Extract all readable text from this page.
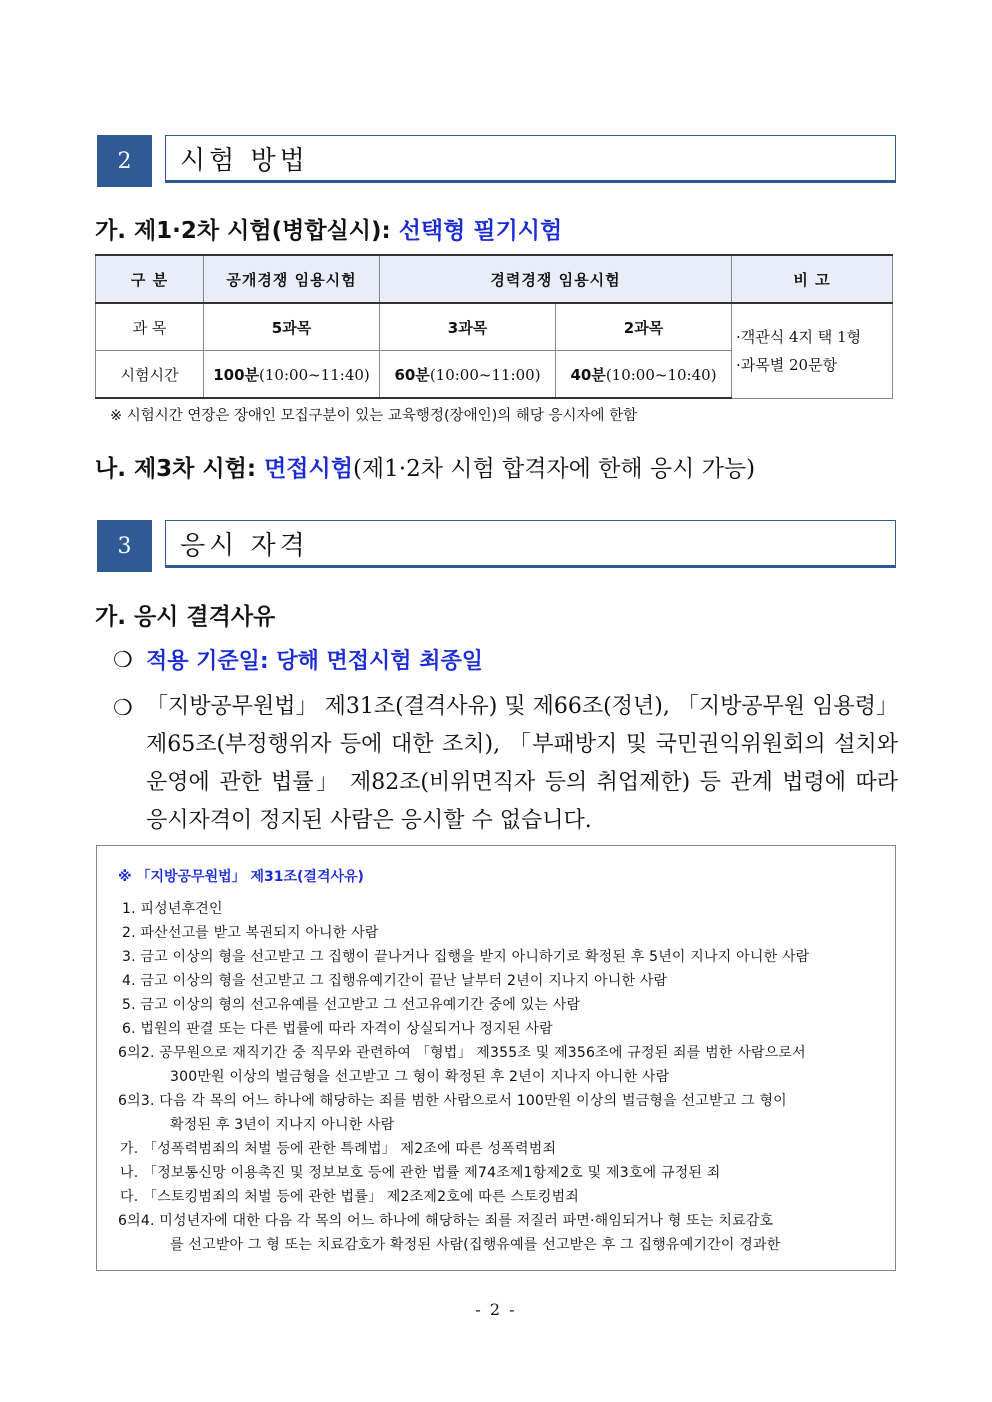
2	시험 방법
가. 제1·2차 시험(병합실시): 선택형 필기시험
구 분	공개경쟁 임용시험	경력경쟁 임용시험		비 고
과 목	5과목	3과목	2과목	·객관식 4지 택 1형
·과목별 20문항

시험시간	100분(10:00~11:40)	60분(10:00~11:00)	40분(10:00~10:40)	
※ 시험시간 연장은 장애인 모집구분이 있는 교육행정(장애인)의 해당 응시자에 한함
나. 제3차 시험: 면접시험(제1·2차 시험 합격자에 한해 응시 가능)
3	응시 자격
가. 응시 결격사유
❍ 적용 기준일: 당해 면접시험 최종일
❍ 「지방공무원법」 제31조(결격사유) 및 제66조(정년), 「지방공무원 임용령」 제65조(부정행위자 등에 대한 조치), 「부패방지 및 국민권익위원회의 설치와 운영에 관한 법률」 제82조(비위면직자 등의 취업제한) 등 관계 법령에 따라 응시자격이 정지된 사람은 응시할 수 없습니다.
※ 「지방공무원법」 제31조(결격사유)
1. 피성년후견인
2. 파산선고를 받고 복권되지 아니한 사람
3. 금고 이상의 형을 선고받고 그 집행이 끝나거나 집행을 받지 아니하기로 확정된 후 5년이 지나지 아니한 사람
4. 금고 이상의 형을 선고받고 그 집행유예기간이 끝난 날부터 2년이 지나지 아니한 사람
5. 금고 이상의 형의 선고유예를 선고받고 그 선고유예기간 중에 있는 사람
6. 법원의 판결 또는 다른 법률에 따라 자격이 상실되거나 정지된 사람
6의2. 공무원으로 재직기간 중 직무와 관련하여 「형법」 제355조 및 제356조에 규정된 죄를 범한 사람으로서
300만원 이상의 벌금형을 선고받고 그 형이 확정된 후 2년이 지나지 아니한 사람
6의3. 다음 각 목의 어느 하나에 해당하는 죄를 범한 사람으로서 100만원 이상의 벌금형을 선고받고 그 형이
확정된 후 3년이 지나지 아니한 사람
가. 「성폭력범죄의 처벌 등에 관한 특례법」 제2조에 따른 성폭력범죄
나. 「정보통신망 이용촉진 및 정보보호 등에 관한 법률 제74조제1항제2호 및 제3호에 규정된 죄
다. 「스토킹범죄의 처벌 등에 관한 법률」 제2조제2호에 따른 스토킹범죄
6의4. 미성년자에 대한 다음 각 목의 어느 하나에 해당하는 죄를 저질러 파면·해임되거나 형 또는 치료감호
를 선고받아 그 형 또는 치료감호가 확정된 사람(집행유예를 선고받은 후 그 집행유예기간이 경과한
- 2 -
